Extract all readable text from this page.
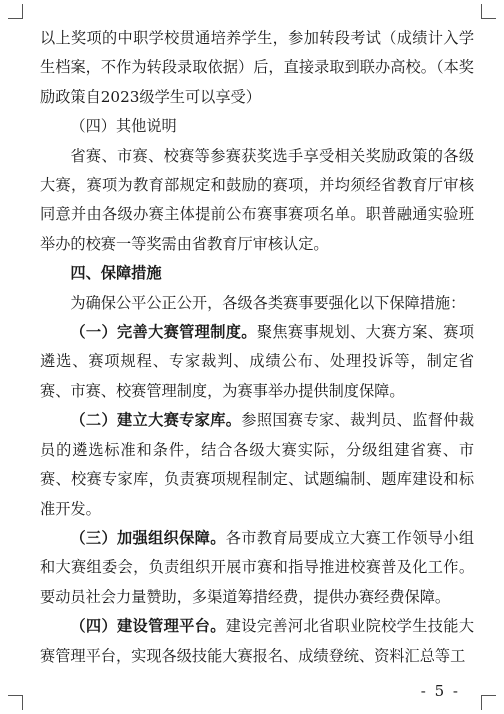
以上奖项的中职学校贯通培养学生，参加转段考试（成绩计入学生档案，不作为转段录取依据）后，直接录取到联办高校。（本奖励政策自2023级学生可以享受）

（四）其他说明

省赛、市赛、校赛等参赛获奖选手享受相关奖励政策的各级大赛，赛项为教育部规定和鼓励的赛项，并均须经省教育厅审核同意并由各级办赛主体提前公布赛事赛项名单。职普融通实验班举办的校赛一等奖需由省教育厅审核认定。

四、保障措施

为确保公平公正公开，各级各类赛事要强化以下保障措施：

（一）完善大赛管理制度。聚焦赛事规划、大赛方案、赛项遴选、赛项规程、专家裁判、成绩公布、处理投诉等，制定省赛、市赛、校赛管理制度，为赛事举办提供制度保障。

（二）建立大赛专家库。参照国赛专家、裁判员、监督仲裁员的遴选标准和条件，结合各级大赛实际，分级组建省赛、市赛、校赛专家库，负责赛项规程制定、试题编制、题库建设和标准开发。

（三）加强组织保障。各市教育局要成立大赛工作领导小组和大赛组委会，负责组织开展市赛和指导推进校赛普及化工作。要动员社会力量赞助，多渠道筹措经费，提供办赛经费保障。

（四）建设管理平台。建设完善河北省职业院校学生技能大赛管理平台，实现各级技能大赛报名、成绩登统、资料汇总等工

- 5 -
